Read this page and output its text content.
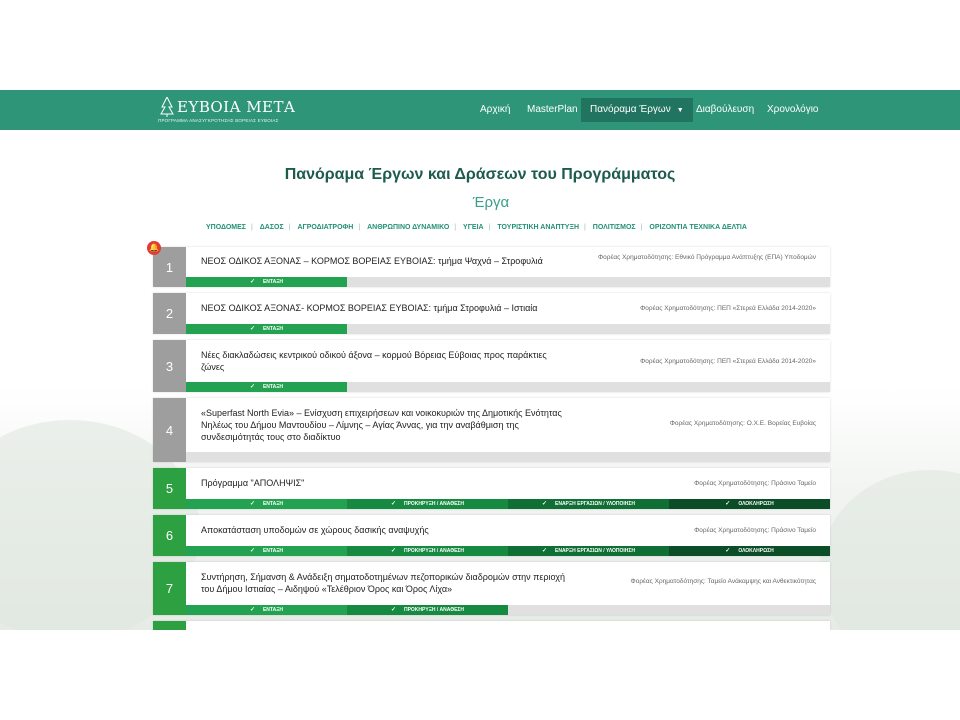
ΕΥΒΟΙΑ ΜΕΤΑ
ΠΡΟΓΡΑΜΜΑ ΑΝΑΣΥΓΚΡΟΤΗΣΗΣ ΒΟΡΕΙΑΣ ΕΥΒΟΙΑΣ
Αρχική MasterPlan	Πανόραμα Έργων ▼	Διαβούλευση Χρονολόγιο
Πανόραμα Έργων και Δράσεων του Προγράμματος
Έργα
ΥΠΟΔΟΜΕΣ | ΔΑΣΟΣ | ΑΓΡΟΔΙΑΤΡΟΦΗ | ΑΝΘΡΩΠΙΝΟ ΔΥΝΑΜΙΚΟ | ΥΓΕΙΑ | ΤΟΥΡΙΣΤΙΚΗ ΑΝΑΠΤΥΞΗ | ΠΟΛΙΤΙΣΜΟΣ | ΟΡΙΖΟΝΤΙΑ ΤΕΧΝΙΚΑ ΔΕΛΤΙΑ
1
🔔
ΝΕΟΣ ΟΔΙΚΟΣ ΑΞΟΝΑΣ – ΚΟΡΜΟΣ ΒΟΡΕΙΑΣ ΕΥΒΟΙΑΣ: τμήμα Ψαχνά – Στροφυλιά	Φορέας Χρηματοδότησης: Εθνικό Πρόγραμμα Ανάπτυξης (ΕΠΑ) Υποδομών
✓ ΕΝΤΑΞΗ
2	ΝΕΟΣ ΟΔΙΚΟΣ ΑΞΟΝΑΣ- ΚΟΡΜΟΣ ΒΟΡΕΙΑΣ ΕΥΒΟΙΑΣ: τμήμα Στροφυλιά – Ιστιαία	Φορέας Χρηματοδότησης: ΠΕΠ «Στερεά Ελλάδα 2014-2020»
✓ ΕΝΤΑΞΗ
3
Νέες διακλαδώσεις κεντρικού οδικού άξονα – κορμού Βόρειας Εύβοιας προς παράκτιες ζώνες
Φορέας Χρηματοδότησης: ΠΕΠ «Στερεά Ελλάδα 2014-2020»
✓ ΕΝΤΑΞΗ
4
«Superfast North Evia» – Ενίσχυση επιχειρήσεων και νοικοκυριών της Δημοτικής Ενότητας Νηλέως του Δήμου Μαντουδίου – Λίμνης – Αγίας Άννας, για την αναβάθμιση της συνδεσιμότητάς τους στο διαδίκτυο
Φορέας Χρηματοδότησης: Ο.Χ.Ε. Βορείας Ευβοίας
5	Πρόγραμμα "ΑΠΟΛΗΨΙΣ"	Φορέας Χρηματοδότησης: Πράσινο Ταμείο
✓ ΕΝΤΑΞΗ	✓ ΠΡΟΚΗΡΥΞΗ / ΑΝΑΘΕΣΗ	✓ ΕΝΑΡΞΗ ΕΡΓΑΣΙΩΝ / ΥΛΟΠΟΙΗΣΗ	✓ ΟΛΟΚΛΗΡΩΣΗ
6	Αποκατάσταση υποδομών σε χώρους δασικής αναψυχής	Φορέας Χρηματοδότησης: Πράσινο Ταμείο
✓ ΕΝΤΑΞΗ	✓ ΠΡΟΚΗΡΥΞΗ / ΑΝΑΘΕΣΗ	✓ ΕΝΑΡΞΗ ΕΡΓΑΣΙΩΝ / ΥΛΟΠΟΙΗΣΗ	✓ ΟΛΟΚΛΗΡΩΣΗ
7
Συντήρηση, Σήμανση & Ανάδειξη σηματοδοτημένων πεζοπορικών διαδρομών στην περιοχή του Δήμου Ιστιαίας – Αιδηψού «Τελέθριον Όρος και Όρος Λίχα»
Φορέας Χρηματοδότησης: Ταμείο Ανάκαμψης και Ανθεκτικότητας
✓ ΕΝΤΑΞΗ	✓ ΠΡΟΚΗΡΥΞΗ / ΑΝΑΘΕΣΗ
